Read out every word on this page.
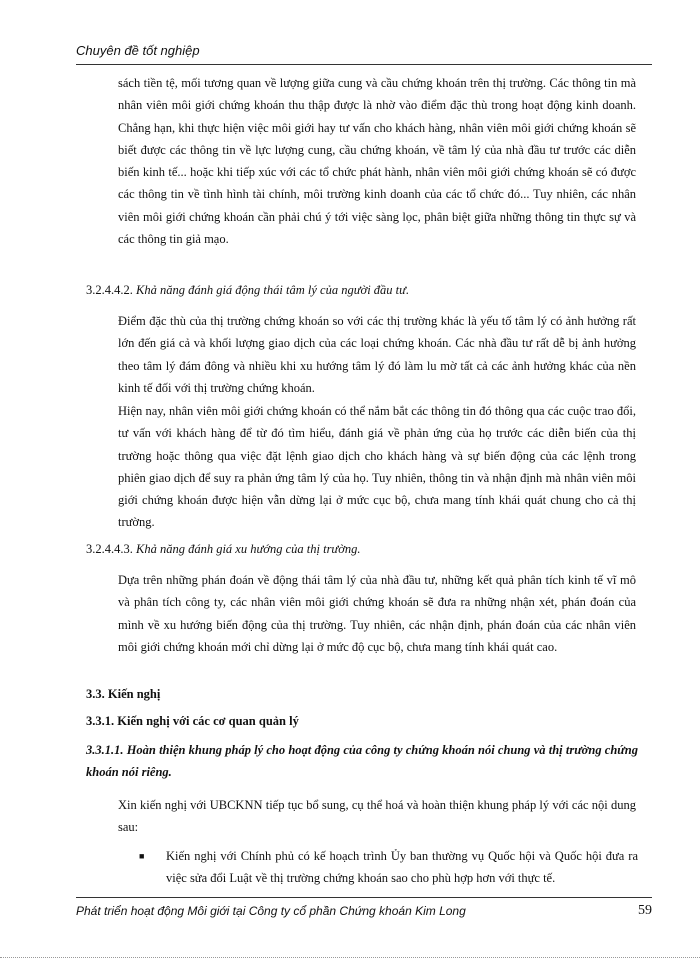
Chuyên đề tốt nghiệp

sách tiền tệ, mối tương quan về lượng giữa cung và cầu chứng khoán trên thị trường. Các thông tin mà nhân viên môi giới chứng khoán thu thập được là nhờ vào điểm đặc thù trong hoạt động kinh doanh. Chẳng hạn, khi thực hiện việc môi giới hay tư vấn cho khách hàng, nhân viên môi giới chứng khoán sẽ biết được các thông tin về lực lượng cung, cầu chứng khoán, về tâm lý của nhà đầu tư trước các diễn biến kinh tế... hoặc khi tiếp xúc với các tổ chức phát hành, nhân viên môi giới chứng khoán sẽ có được các thông tin về tình hình tài chính, môi trường kinh doanh của các tổ chức đó... Tuy nhiên, các nhân viên môi giới chứng khoán cần phải chú ý tới việc sàng lọc, phân biệt giữa những thông tin thực sự và các thông tin giả mạo.

3.2.4.4.2. Khả năng đánh giá động thái tâm lý của người đầu tư.

Điểm đặc thù của thị trường chứng khoán so với các thị trường khác là yếu tố tâm lý có ảnh hưởng rất lớn đến giá cả và khối lượng giao dịch của các loại chứng khoán. Các nhà đầu tư rất dễ bị ảnh hưởng theo tâm lý đám đông và nhiều khi xu hướng tâm lý đó làm lu mờ tất cả các ảnh hưởng khác của nền kinh tế đối với thị trường chứng khoán.

Hiện nay, nhân viên môi giới chứng khoán có thể nắm bắt các thông tin đó thông qua các cuộc trao đổi, tư vấn với khách hàng để từ đó tìm hiểu, đánh giá về phản ứng của họ trước các diễn biến của thị trường hoặc thông qua việc đặt lệnh giao dịch cho khách hàng và sự biến động của các lệnh trong phiên giao dịch để suy ra phản ứng tâm lý của họ. Tuy nhiên, thông tin và nhận định mà nhân viên môi giới chứng khoán được hiện vẫn dừng lại ở mức cục bộ, chưa mang tính khái quát chung cho cả thị trường.

3.2.4.4.3. Khả năng đánh giá xu hướng của thị trường.

Dựa trên những phán đoán về động thái tâm lý của nhà đầu tư, những kết quả phân tích kinh tế vĩ mô và phân tích công ty, các nhân viên môi giới chứng khoán sẽ đưa ra những nhận xét, phán đoán của mình về xu hướng biến động của thị trường. Tuy nhiên, các nhận định, phán đoán của các nhân viên môi giới chứng khoán mới chỉ dừng lại ở mức độ cục bộ, chưa mang tính khái quát cao.

3.3. Kiến nghị

3.3.1. Kiến nghị với các cơ quan quản lý

3.3.1.1. Hoàn thiện khung pháp lý cho hoạt động của công ty chứng khoán nói chung và thị trường chứng khoán nói riêng.

Xin kiến nghị với UBCKNN tiếp tục bổ sung, cụ thể hoá và hoàn thiện khung pháp lý với các nội dung sau:

■ Kiến nghị với Chính phủ có kế hoạch trình Ủy ban thường vụ Quốc hội và Quốc hội đưa ra việc sửa đổi Luật về thị trường chứng khoán sao cho phù hợp hơn với thực tế.
Phát triển hoạt động Môi giới tại Công ty cổ phần Chứng khoán Kim Long	59
